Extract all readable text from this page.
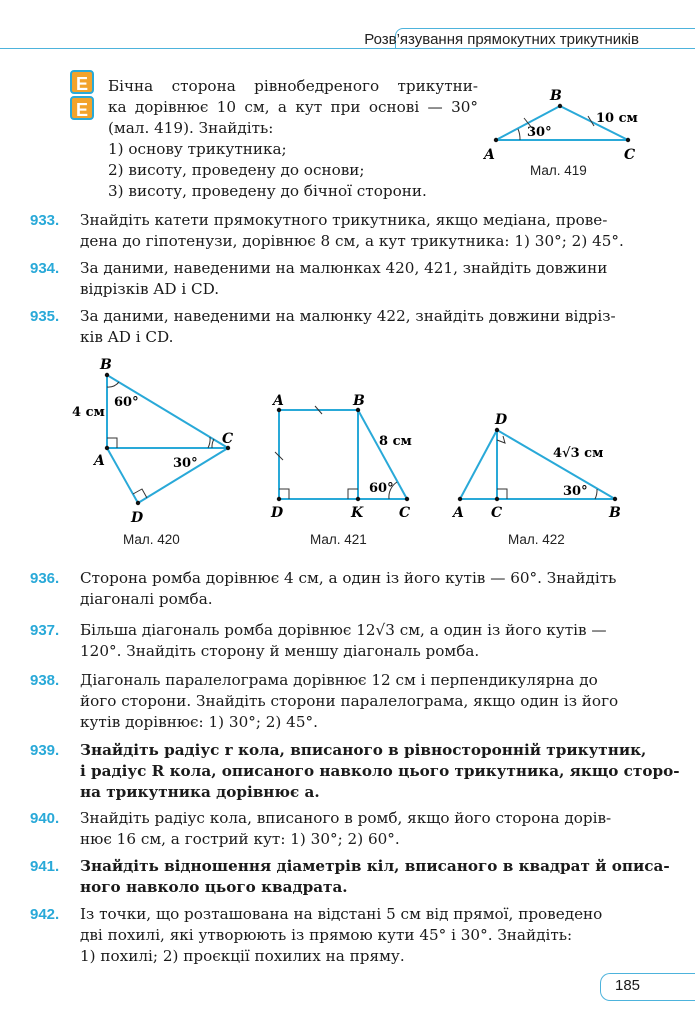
Розв’язування прямокутних трикутників
Е
Е
Бічна сторона рівнобедреного трикутни-
ка дорівнює 10 см, а кут при основі — 30°
(мал. 419). Знайдіть:
1) основу трикутника;
2) висоту, проведену до основи;
3) висоту, проведену до бічної сторони.
A
B
C
30°
10 см
Мал. 419
933. Знайдіть катети прямокутного трикутника, якщо медіана, прове-
дена до гіпотенузи, дорівнює 8 см, а кут трикутника: 1) 30°; 2) 45°.
934. За даними, наведеними на малюнках 420, 421, знайдіть довжини
відрізків AD і CD.
935. За даними, наведеними на малюнку 422, знайдіть довжини відріз-
ків AD і CD.
B
A
C
D
4 см
60°
30°
Мал. 420
A	B
D	K	C
8 см
60°
Мал. 421
A
D
C	B
4√3 см
30°
Мал. 422
936. Сторона ромба дорівнює 4 см, а один із його кутів — 60°. Знайдіть
діагоналі ромба.
937. Більша діагональ ромба дорівнює 12√3 см, а один із його кутів —
120°. Знайдіть сторону й меншу діагональ ромба.
938. Діагональ паралелограма дорівнює 12 см і перпендикулярна до
його сторони. Знайдіть сторони паралелограма, якщо один із його
кутів дорівнює: 1) 30°; 2) 45°.
939. Знайдіть радіус r кола, вписаного в рівносторонній трикутник,
і радіус R кола, описаного навколо цього трикутника, якщо сторо-
на трикутника дорівнює a.
940. Знайдіть радіус кола, вписаного в ромб, якщо його сторона дорів-
нює 16 см, а гострий кут: 1) 30°; 2) 60°.
941. Знайдіть відношення діаметрів кіл, вписаного в квадрат й описа-
ного навколо цього квадрата.
942. Із точки, що розташована на відстані 5 см від прямої, проведено
дві похилі, які утворюють із прямою кути 45° і 30°. Знайдіть:
1) похилі; 2) проєкції похилих на пряму.
185
